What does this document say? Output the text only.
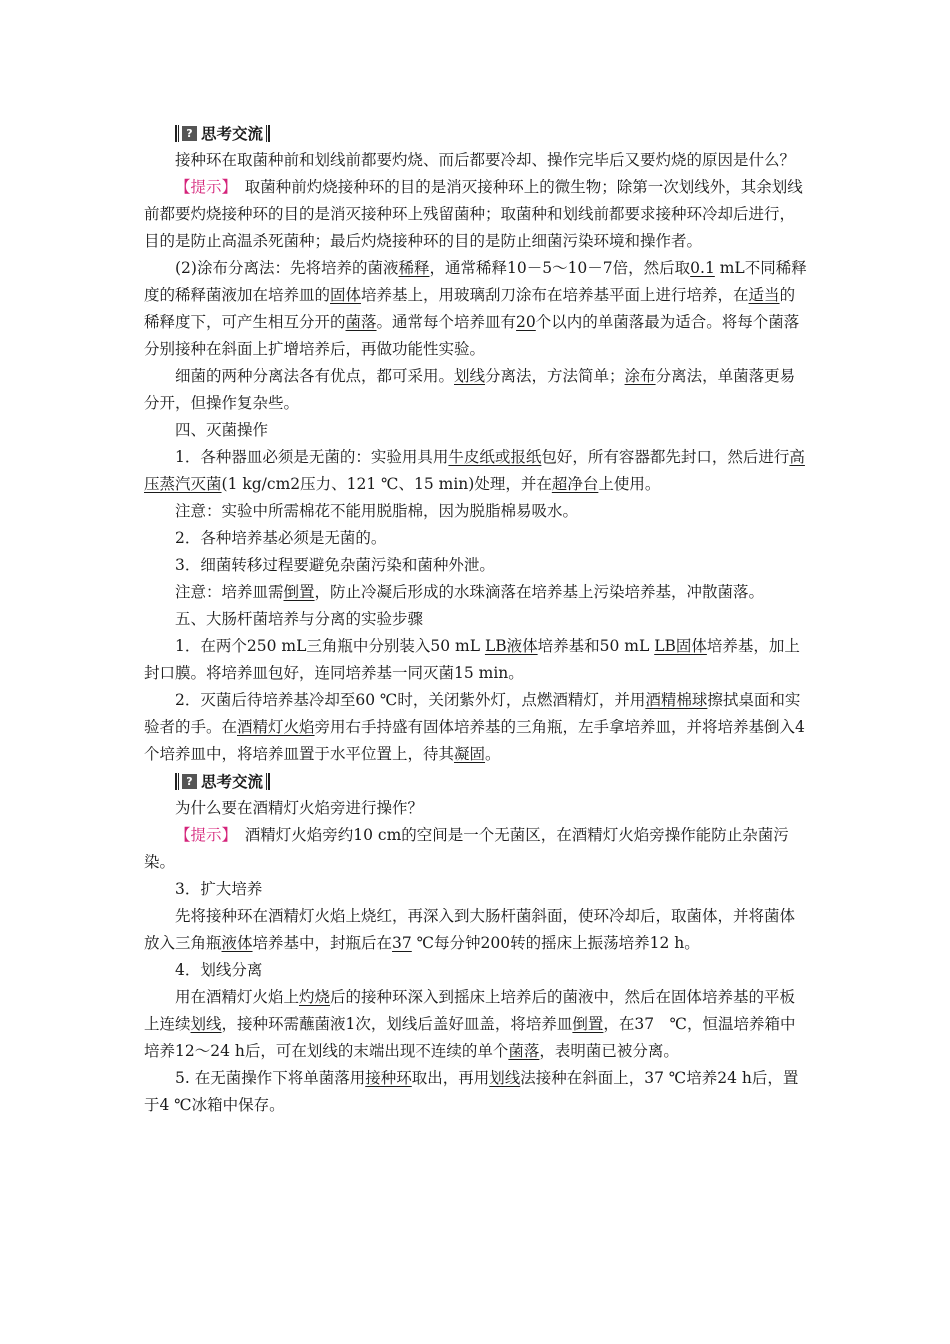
? 思考交流

接种环在取菌种前和划线前都要灼烧、而后都要冷却、操作完毕后又要灼烧的原因是什么？

【提示】　 取菌种前灼烧接种环的目的是消灭接种环上的微生物；除第一次划线外，其余划线前都要灼烧接种环的目的是消灭接种环上残留菌种；取菌种和划线前都要求接种环冷却后进行，目的是防止高温杀死菌种；最后灼烧接种环的目的是防止细菌污染环境和操作者。

(2)涂布分离法：先将培养的菌液稀释，通常稀释10－5～10－7倍，然后取0.1 mL不同稀释度的稀释菌液加在培养皿的固体培养基上，用玻璃刮刀涂布在培养基平面上进行培养，在适当的稀释度下，可产生相互分开的菌落。通常每个培养皿有20个以内的单菌落最为适合。将每个菌落分别接种在斜面上扩增培养后，再做功能性实验。

细菌的两种分离法各有优点，都可采用。划线分离法，方法简单；涂布分离法，单菌落更易分开，但操作复杂些。

四、灭菌操作

1．各种器皿必须是无菌的：实验用具用牛皮纸或报纸包好，所有容器都先封口，然后进行高压蒸汽灭菌(1 kg/cm2压力、121 ℃、15 min)处理，并在超净台上使用。

注意：实验中所需棉花不能用脱脂棉，因为脱脂棉易吸水。

2．各种培养基必须是无菌的。

3．细菌转移过程要避免杂菌污染和菌种外泄。

注意：培养皿需倒置，防止冷凝后形成的水珠滴落在培养基上污染培养基，冲散菌落。

五、大肠杆菌培养与分离的实验步骤

1．在两个250 mL三角瓶中分别装入50 mL LB液体培养基和50 mL LB固体培养基，加上封口膜。将培养皿包好，连同培养基一同灭菌15 min。

2．灭菌后待培养基冷却至60 ℃时，关闭紫外灯，点燃酒精灯，并用酒精棉球擦拭桌面和实验者的手。在酒精灯火焰旁用右手持盛有固体培养基的三角瓶，左手拿培养皿，并将培养基倒入4个培养皿中，将培养皿置于水平位置上，待其凝固。

? 思考交流

为什么要在酒精灯火焰旁进行操作？

【提示】　 酒精灯火焰旁约10 cm的空间是一个无菌区，在酒精灯火焰旁操作能防止杂菌污染。

3．扩大培养

先将接种环在酒精灯火焰上烧红，再深入到大肠杆菌斜面，使环冷却后，取菌体，并将菌体放入三角瓶液体培养基中，封瓶后在37 ℃每分钟200转的摇床上振荡培养12 h。

4．划线分离

用在酒精灯火焰上灼烧后的接种环深入到摇床上培养后的菌液中，然后在固体培养基的平板上连续划线，接种环需蘸菌液1次，划线后盖好皿盖，将培养皿倒置，在37　℃，恒温培养箱中培养12～24 h后，可在划线的末端出现不连续的单个菌落，表明菌已被分离。

5. 在无菌操作下将单菌落用接种环取出，再用划线法接种在斜面上，37 ℃培养24 h后，置于4 ℃冰箱中保存。
